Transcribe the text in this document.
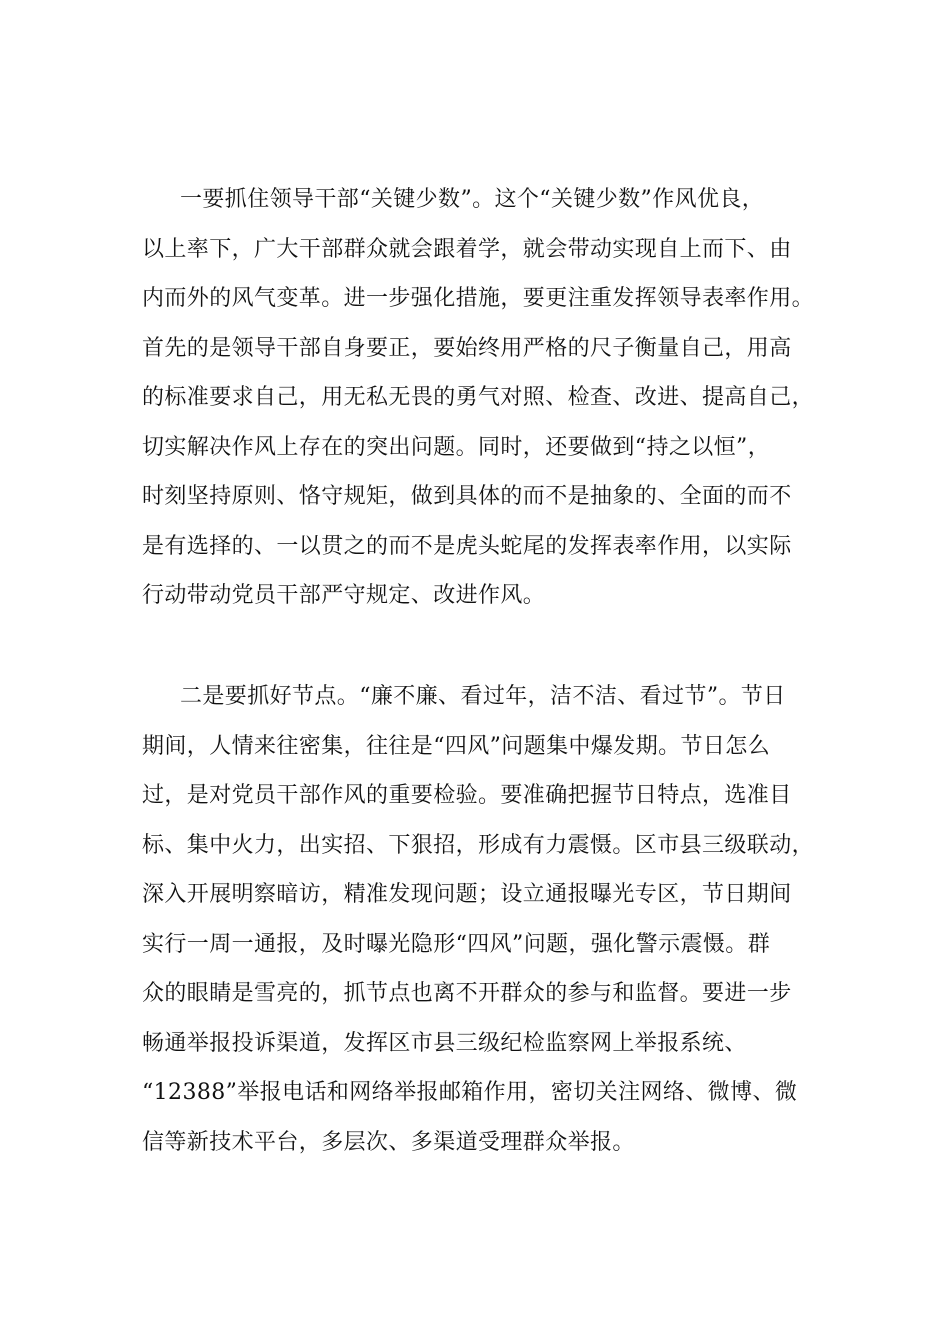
一要抓住领导干部“关键少数”。这个“关键少数”作风优良，
以上率下，广大干部群众就会跟着学，就会带动实现自上而下、由
内而外的风气变革。进一步强化措施，要更注重发挥领导表率作用。
首先的是领导干部自身要正，要始终用严格的尺子衡量自己，用高
的标准要求自己，用无私无畏的勇气对照、检查、改进、提高自己，
切实解决作风上存在的突出问题。同时，还要做到“持之以恒”，
时刻坚持原则、恪守规矩，做到具体的而不是抽象的、全面的而不
是有选择的、一以贯之的而不是虎头蛇尾的发挥表率作用，以实际
行动带动党员干部严守规定、改进作风。
二是要抓好节点。“廉不廉、看过年，洁不洁、看过节”。节日
期间，人情来往密集，往往是“四风”问题集中爆发期。节日怎么
过，是对党员干部作风的重要检验。要准确把握节日特点，选准目
标、集中火力，出实招、下狠招，形成有力震慑。区市县三级联动，
深入开展明察暗访，精准发现问题；设立通报曝光专区，节日期间
实行一周一通报，及时曝光隐形“四风”问题，强化警示震慑。群
众的眼睛是雪亮的，抓节点也离不开群众的参与和监督。要进一步
畅通举报投诉渠道，发挥区市县三级纪检监察网上举报系统、
“12388”举报电话和网络举报邮箱作用，密切关注网络、微博、微
信等新技术平台，多层次、多渠道受理群众举报。
